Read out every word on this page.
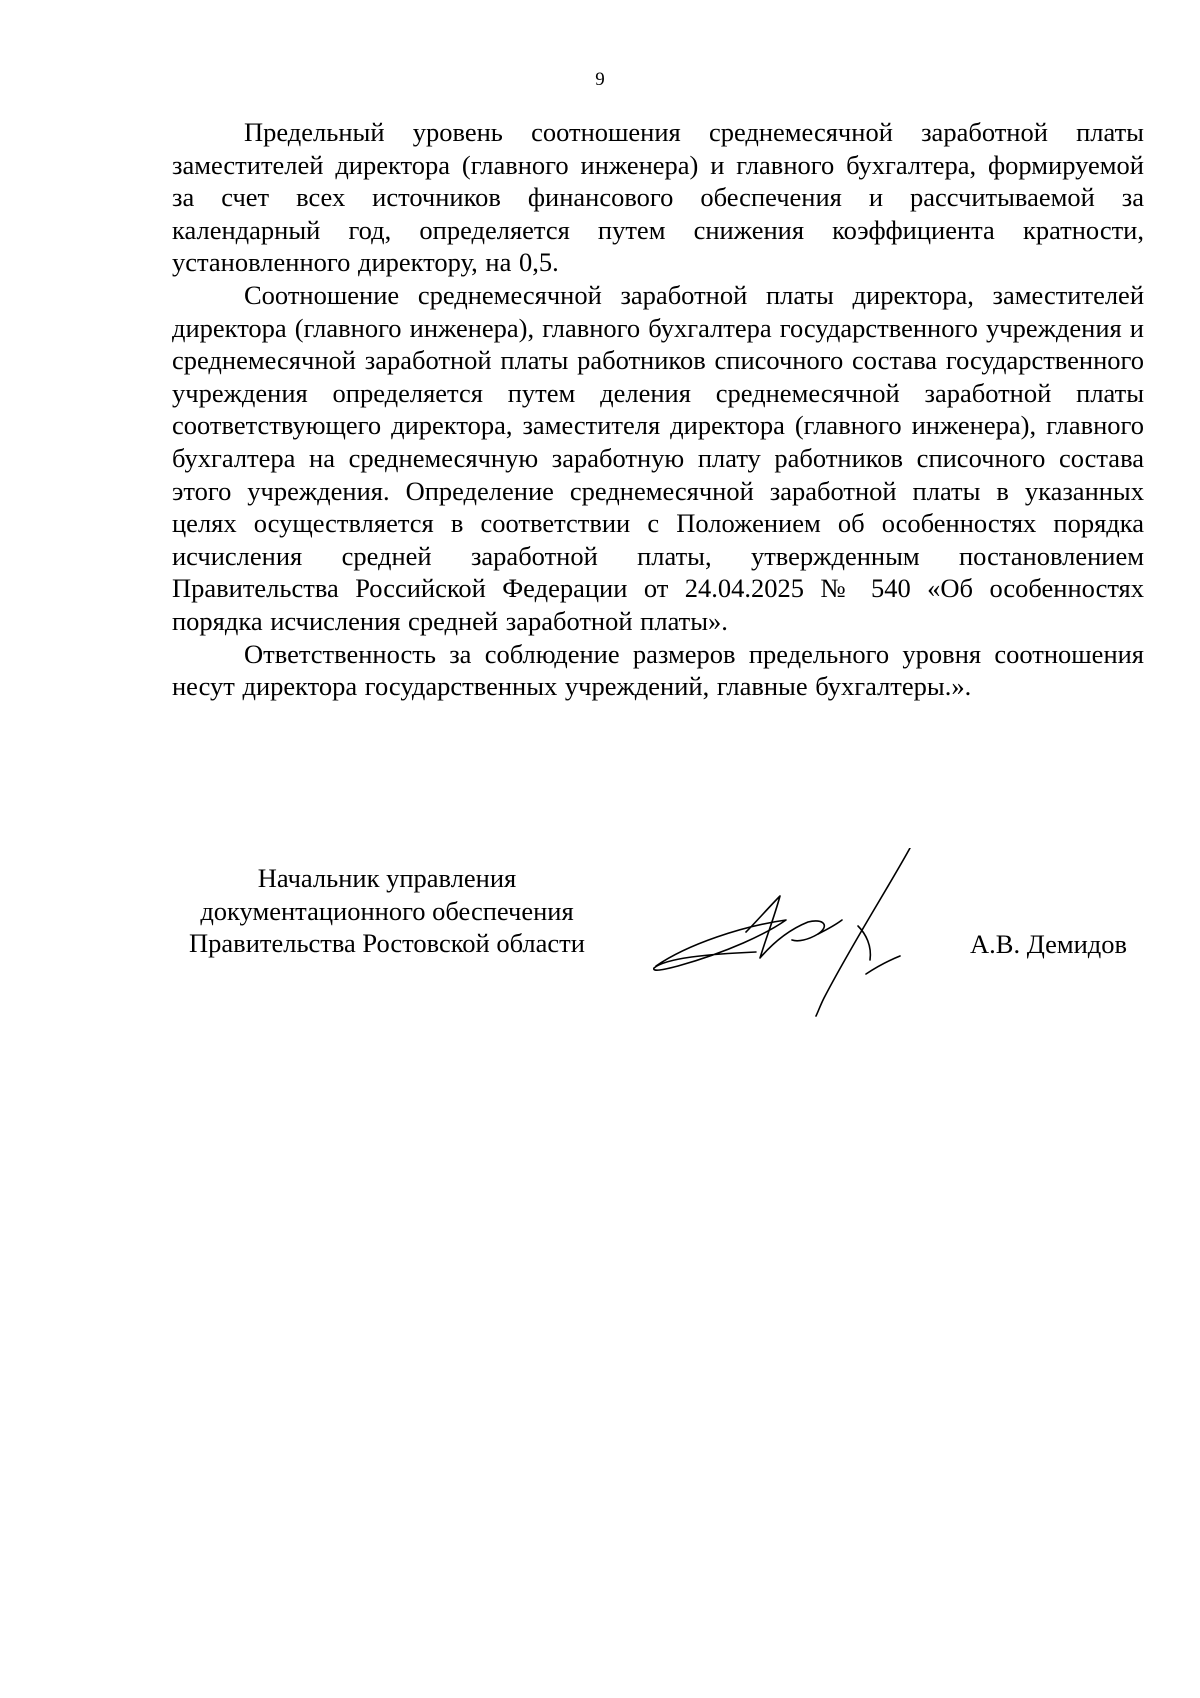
9

Предельный уровень соотношения среднемесячной заработной платы заместителей директора (главного инженера) и главного бухгалтера, формируемой за счет всех источников финансового обеспечения и рассчитываемой за календарный год, определяется путем снижения коэффициента кратности, установленного директору, на 0,5.

Соотношение среднемесячной заработной платы директора, заместителей директора (главного инженера), главного бухгалтера государственного учреждения и среднемесячной заработной платы работников списочного состава государственного учреждения определяется путем деления среднемесячной заработной платы соответствующего директора, заместителя директора (главного инженера), главного бухгалтера на среднемесячную заработную плату работников списочного состава этого учреждения. Определение среднемесячной заработной платы в указанных целях осуществляется в соответствии с Положением об особенностях порядка исчисления средней заработной платы, утвержденным постановлением Правительства Российской Федерации от 24.04.2025 № 540 «Об особенностях порядка исчисления средней заработной платы».

Ответственность за соблюдение размеров предельного уровня соотношения несут директора государственных учреждений, главные бухгалтеры.».

Начальник управления
документационного обеспечения
Правительства Ростовской области	А.В. Демидов
